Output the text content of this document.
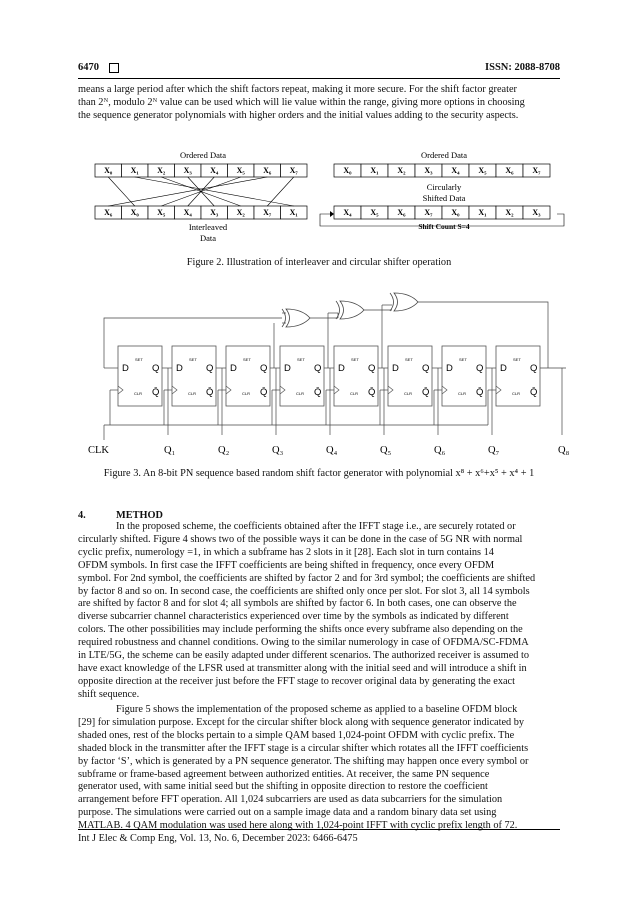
6470	ISSN: 2088-8708

means a large period after which the shift factors repeat, making it more secure. For the shift factor greater

than 2ᴺ, modulo 2ᴺ value can be used which will lie value within the range, giving more options in choosing

the sequence generator polynomials with higher orders and the initial values adding to the security aspects.

Ordered Data	Ordered Data
Interleaved
Data
Circularly
Shifted Data
Shift Count S=4
X₀ X₁ X₂ X₃ X₄ X₅ X₆ X₇
X₆ X₀ X₅ X₄ X₃ X₂ X₇ X₁
X₀ X₁ X₂ X₃ X₄ X₅ X₆ X₇
X₄ X₅ X₆ X₇ X₀ X₁ X₂ X₃
Figure 2. Illustration of interleaver and circular shifter operation
D Q
Q̄
SET
CLR
D Q
Q̄
SET
CLR
D Q
Q̄
SET
CLR
D Q
Q̄
SET
CLR
D Q
Q̄
SET
CLR
D Q
Q̄
SET
CLR
D Q
Q̄
SET
CLR
D Q
Q̄
SET
CLR
CLK	Q₁	Q₂	Q₃	Q₄	Q₅	Q₆	Q₇	Q₈
Figure 3. An 8-bit PN sequence based random shift factor generator with polynomial x⁸ + x⁶+x⁵ + x⁴ + 1
4.	METHOD

In the proposed scheme, the coefficients obtained after the IFFT stage i.e., are securely rotated or

circularly shifted. Figure 4 shows two of the possible ways it can be done in the case of 5G NR with normal

cyclic prefix, numerology =1, in which a subframe has 2 slots in it [28]. Each slot in turn contains 14

OFDM symbols. In first case the IFFT coefficients are being shifted in frequency, once every OFDM

symbol. For 2nd symbol, the coefficients are shifted by factor 2 and for 3rd symbol; the coefficients are shifted

by factor 8 and so on. In second case, the coefficients are shifted only once per slot. For slot 3, all 14 symbols

are shifted by factor 8 and for slot 4; all symbols are shifted by factor 6. In both cases, one can observe the

diverse subcarrier channel characteristics experienced over time by the symbols as indicated by different

colors. The other possibilities may include performing the shifts once every subframe also depending on the

required robustness and channel conditions. Owing to the similar numerology in case of OFDMA/SC-FDMA

in LTE/5G, the scheme can be easily adapted under different scenarios. The authorized receiver is assumed to

have exact knowledge of the LFSR used at transmitter along with the initial seed and will introduce a shift in

opposite direction at the receiver just before the FFT stage to recover original data by generating the exact

shift sequence.

Figure 5 shows the implementation of the proposed scheme as applied to a baseline OFDM block

[29] for simulation purpose. Except for the circular shifter block along with sequence generator indicated by

shaded ones, rest of the blocks pertain to a simple QAM based 1,024-point OFDM with cyclic prefix. The

shaded block in the transmitter after the IFFT stage is a circular shifter which rotates all the IFFT coefficients

by factor ‘S’, which is generated by a PN sequence generator. The shifting may happen once every symbol or

subframe or frame-based agreement between authorized entities. At receiver, the same PN sequence

generator used, with same initial seed but the shifting in opposite direction to restore the coefficient

arrangement before FFT operation. All 1,024 subcarriers are used as data subcarriers for the simulation

purpose. The simulations were carried out on a sample image data and a random binary data set using

MATLAB. 4 QAM modulation was used here along with 1,024-point IFFT with cyclic prefix length of 72.

Int J Elec & Comp Eng, Vol. 13, No. 6, December 2023: 6466-6475
